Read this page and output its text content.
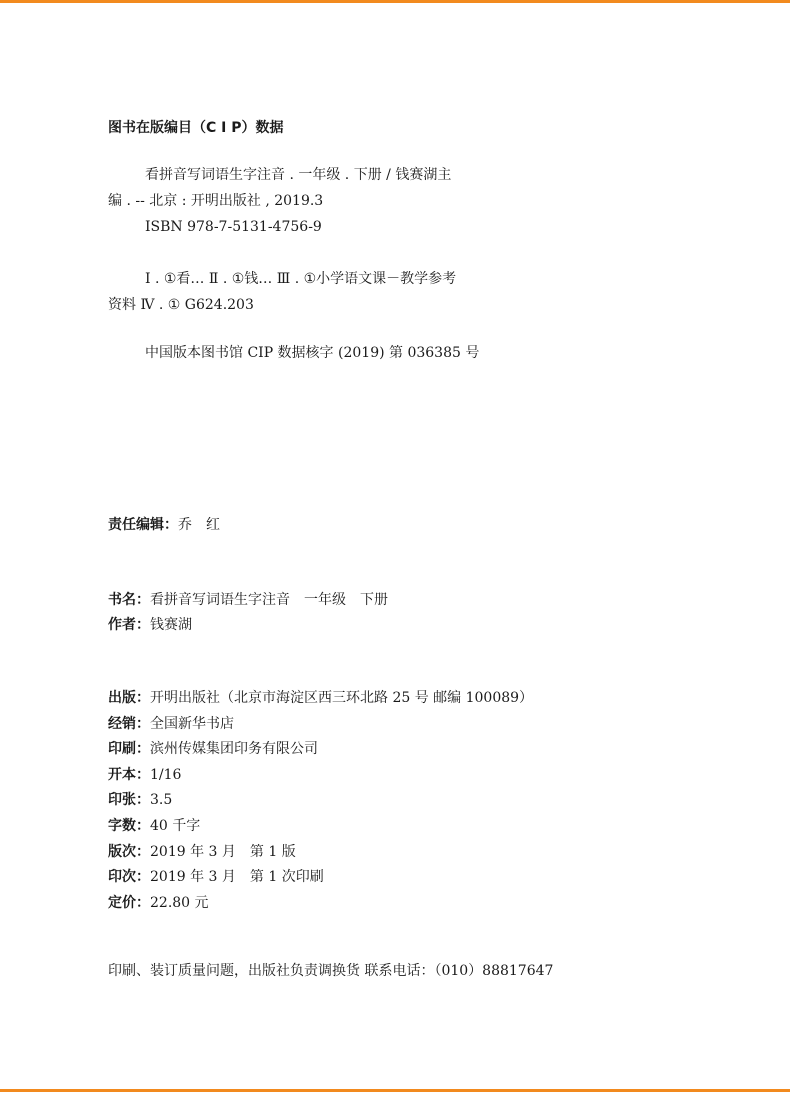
图书在版编目（C I P）数据
看拼音写词语生字注音 . 一年级 . 下册 / 钱赛湖主
编 . -- 北京 : 开明出版社 , 2019.3
ISBN 978-7-5131-4756-9
Ⅰ . ①看… Ⅱ . ①钱… Ⅲ . ①小学语文课－教学参考
资料 Ⅳ . ① G624.203
中国版本图书馆 CIP 数据核字 (2019) 第 036385 号
责任编辑：乔　红
书名：看拼音写词语生字注音 一年级 下册
作者：钱赛湖
出版：开明出版社（北京市海淀区西三环北路 25 号 邮编 100089）
经销：全国新华书店
印刷：滨州传媒集团印务有限公司
开本：1/16
印张：3.5
字数：40 千字
版次：2019 年 3 月　第 1 版
印次：2019 年 3 月　第 1 次印刷
定价：22.80 元
印刷、装订质量问题，出版社负责调换货 联系电话：（010）88817647
